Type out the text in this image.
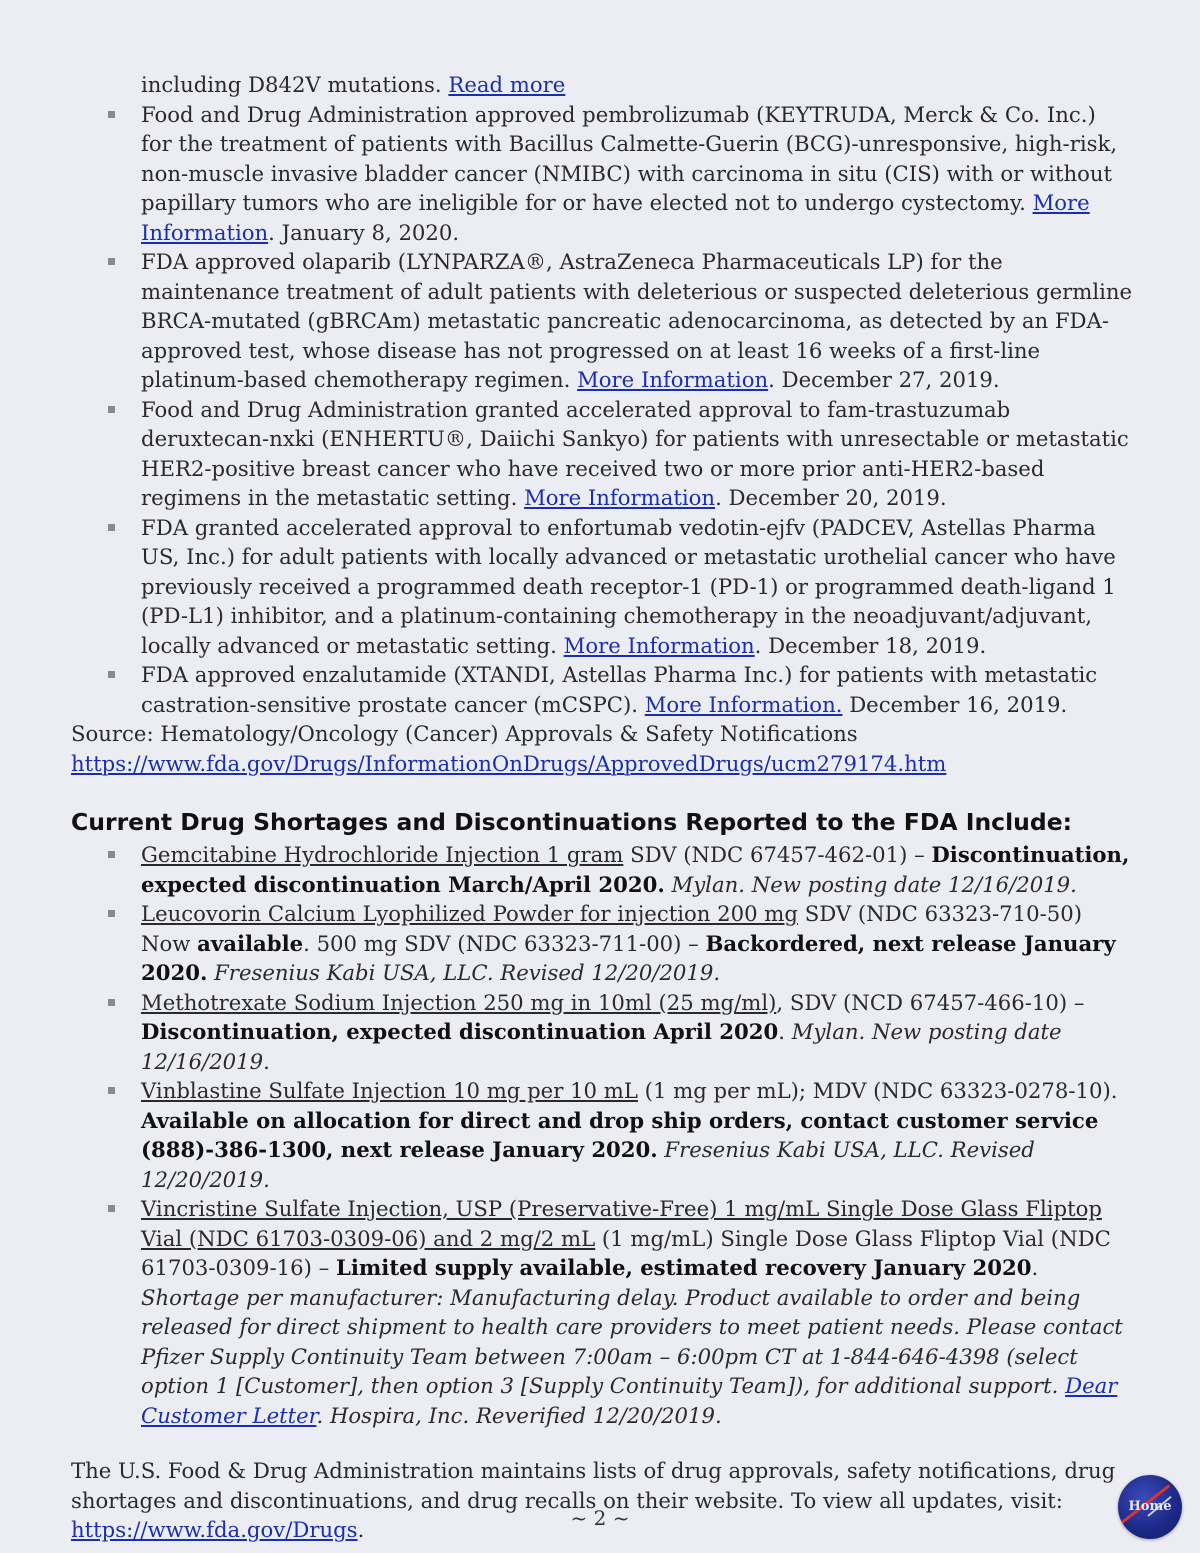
including D842V mutations. Read more
Food and Drug Administration approved pembrolizumab (KEYTRUDA, Merck & Co. Inc.) for the treatment of patients with Bacillus Calmette-Guerin (BCG)-unresponsive, high-risk, non-muscle invasive bladder cancer (NMIBC) with carcinoma in situ (CIS) with or without papillary tumors who are ineligible for or have elected not to undergo cystectomy. More Information. January 8, 2020.
FDA approved olaparib (LYNPARZA®, AstraZeneca Pharmaceuticals LP) for the maintenance treatment of adult patients with deleterious or suspected deleterious germline BRCA-mutated (gBRCAm) metastatic pancreatic adenocarcinoma, as detected by an FDA-approved test, whose disease has not progressed on at least 16 weeks of a first-line platinum-based chemotherapy regimen. More Information. December 27, 2019.
Food and Drug Administration granted accelerated approval to fam-trastuzumab deruxtecan-nxki (ENHERTU®, Daiichi Sankyo) for patients with unresectable or metastatic HER2-positive breast cancer who have received two or more prior anti-HER2-based regimens in the metastatic setting. More Information. December 20, 2019.
FDA granted accelerated approval to enfortumab vedotin-ejfv (PADCEV, Astellas Pharma US, Inc.) for adult patients with locally advanced or metastatic urothelial cancer who have previously received a programmed death receptor-1 (PD-1) or programmed death-ligand 1 (PD-L1) inhibitor, and a platinum-containing chemotherapy in the neoadjuvant/adjuvant, locally advanced or metastatic setting. More Information. December 18, 2019.
FDA approved enzalutamide (XTANDI, Astellas Pharma Inc.) for patients with metastatic castration-sensitive prostate cancer (mCSPC). More Information. December 16, 2019.
Source: Hematology/Oncology (Cancer) Approvals & Safety Notifications https://www.fda.gov/Drugs/InformationOnDrugs/ApprovedDrugs/ucm279174.htm
Current Drug Shortages and Discontinuations Reported to the FDA Include:
Gemcitabine Hydrochloride Injection 1 gram SDV (NDC 67457-462-01) – Discontinuation, expected discontinuation March/April 2020. Mylan. New posting date 12/16/2019.
Leucovorin Calcium Lyophilized Powder for injection 200 mg SDV (NDC 63323-710-50) Now available. 500 mg SDV (NDC 63323-711-00) – Backordered, next release January 2020. Fresenius Kabi USA, LLC. Revised 12/20/2019.
Methotrexate Sodium Injection 250 mg in 10ml (25 mg/ml), SDV (NCD 67457-466-10) – Discontinuation, expected discontinuation April 2020. Mylan. New posting date 12/16/2019.
Vinblastine Sulfate Injection 10 mg per 10 mL (1 mg per mL); MDV (NDC 63323-0278-10). Available on allocation for direct and drop ship orders, contact customer service (888)-386-1300, next release January 2020. Fresenius Kabi USA, LLC. Revised 12/20/2019.
Vincristine Sulfate Injection, USP (Preservative-Free) 1 mg/mL Single Dose Glass Fliptop Vial (NDC 61703-0309-06) and 2 mg/2 mL (1 mg/mL) Single Dose Glass Fliptop Vial (NDC 61703-0309-16) – Limited supply available, estimated recovery January 2020. Shortage per manufacturer: Manufacturing delay. Product available to order and being released for direct shipment to health care providers to meet patient needs. Please contact Pfizer Supply Continuity Team between 7:00am – 6:00pm CT at 1-844-646-4398 (select option 1 [Customer], then option 3 [Supply Continuity Team]), for additional support. Dear Customer Letter. Hospira, Inc. Reverified 12/20/2019.
The U.S. Food & Drug Administration maintains lists of drug approvals, safety notifications, drug shortages and discontinuations, and drug recalls on their website. To view all updates, visit: https://www.fda.gov/Drugs.	~ 2 ~	Home
